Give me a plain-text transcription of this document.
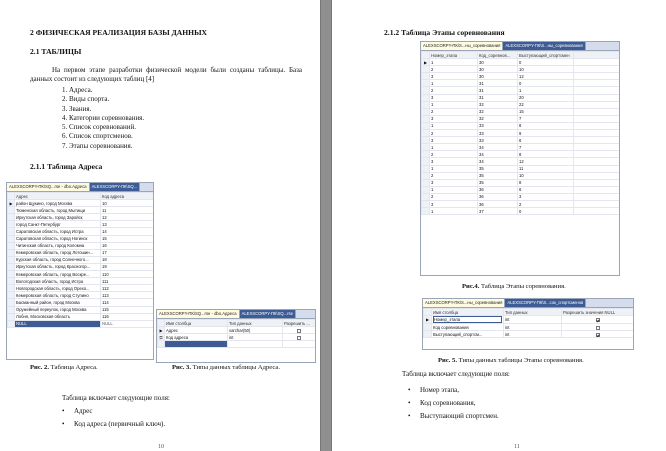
2 ФИЗИЧЕСКАЯ РЕАЛИЗАЦИЯ БАЗЫ ДАННЫХ
2.1 ТАБЛИЦЫ
На первом этапе разработки физической модели были созданы таблицы. База данных состоит из следующих таблиц [4]
1. Адреса.
2. Виды спорта.
3. Звания.
4. Категории соревнования.
5. Список соревнований.
6. Список спортсменов.
7. Этапы соревнования.
2.1.1 Таблица Адреса
ALEXSCORPY-ПК\SQ...rse - dbo.Адреса	ALEXSCORPY-ПК\SQ...
	Адрес	Код адреса
▶	район Щукино, город Москва	10
	Тюменская область, город Мытищи	11
	Иркутская область, город Заройск	12
	город Санкт-Петербург	13
	Саратовская область, город Истра	14
	Саратовская область, город Ногинск	15
	Читинская область, город Коломна	16
	Кемеровская область, город Лотошин...	17
	Курская область, город Солнечного...	18
	Иркутская область, город Красногор...	19
	Кемеровская область, город Воскре...	110
	Вологодская область, город Истра	111
	Новгородская область, город Орехо...	112
	Кемеровская область, город Ступино	113
	Басманный район, город Москва	114
	Оружейный переулок, город Москва	115
	Лобня, Московская область	116
	NULL	NULL
Рис. 2. Таблица Адреса.
ALEXSCORPY-ПК\SQ...rse - dbo.Адреса	ALEXSCORPY-ПК\SQ...rse
	Имя столбца	Тип данных	Разрешить ...
▶	Адрес	varchar(50)	
⚿	Код адреса	int	

Рис. 3. Типы данных таблицы Адреса.
Таблица включает следующие поля:
• Адрес
• Код адреса (первичный ключ).
10
2.1.2 Таблица Этапы соревнования
ALEXSCORPY-ПК\S...ны_соревнования	ALEXSCORPY-ПК\S...ны_соревнования
	Номер_этапа	Код_соревнов...	Выступающий_спортсмен	
▶	1	30	0	
	2	30	10	
	3	30	12	
	1	31	0	
	2	31	1	
	3	31	20	
	1	32	22	
	2	32	15	
	3	32	7	
	1	33	8	
	2	33	9	
	3	33	6	
	1	34	7	
	2	34	8	
	3	34	12	
	1	35	11	
	2	35	10	
	3	35	8	
	1	36	6	
	2	36	3	
	3	36	2	
	1	37	0	
Рис.4. Таблица Этапы соревнования.
ALEXSCORPY-ПК\S...ны_соревнования	ALEXSCORPY-ПК\S...сок_спортсменов
	Имя столбца	Тип данных	Разрешить значения NULL
▶	Номер_этапа	int	
	Код соревнования	int	
	Выступающий_спортсм...	int	
Рис. 5. Типы данных таблицы Этапы соревнования.
Таблица включает следующие поля:
• Номер этапа,
• Код соревнования,
• Выступающий спортсмен.
11
